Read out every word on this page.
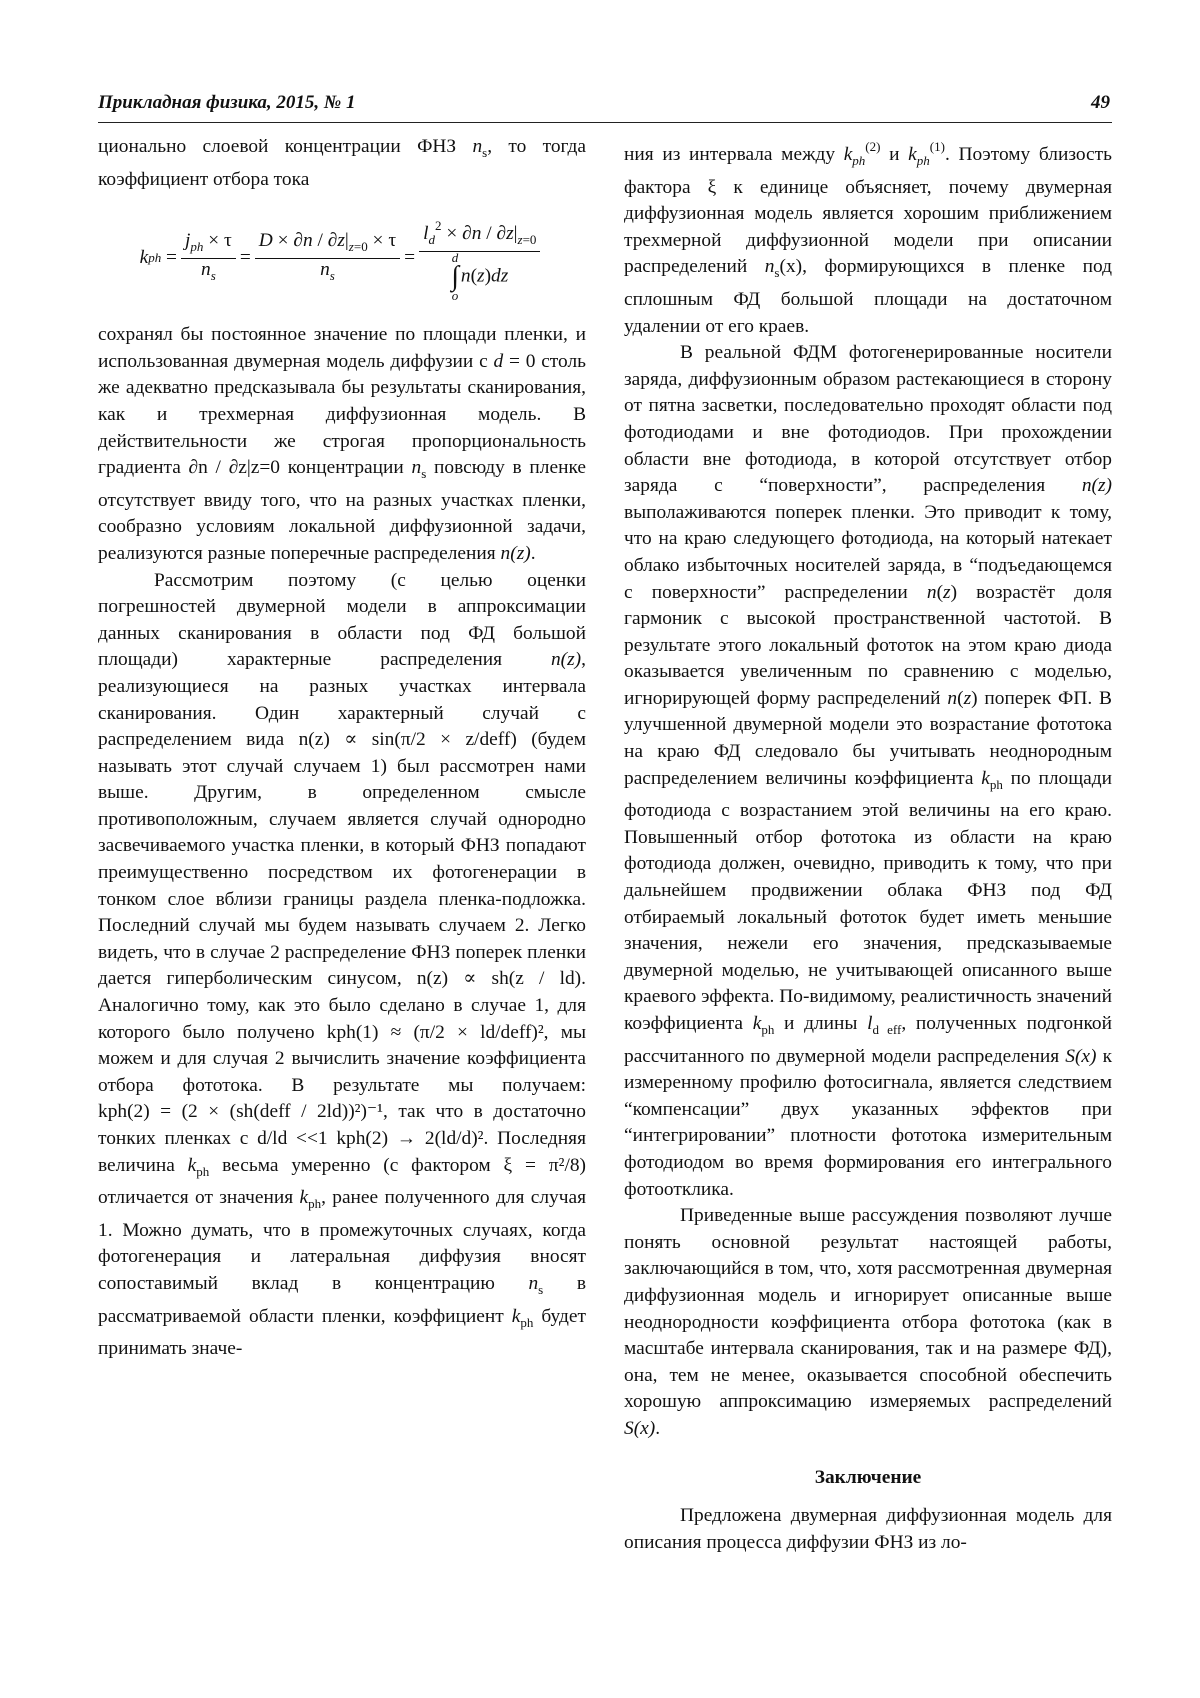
Прикладная физика, 2015, № 1	49

ционально слоевой концентрации ФНЗ $n_s$, то тогда коэффициент отбора тока

k ph = $\frac{j_{ph} \times \tau}{n_s} = \frac{D \times \partial n / \partial z|_{z=0} \times \tau}{n_s} = l_d^2 \times \partial n / \partial z|_{z=0}$
d
∫
o
n(z)dz

сохранял бы постоянное значение по площади пленки, и использованная двумерная модель диффузии с d = 0 столь же адекватно предсказывала бы результаты сканирования, как и трехмерная диффузионная модель. В действительности же строгая пропорциональность градиента ∂n / ∂z|z=0 концентрации $n_s$ повсюду в пленке отсутствует ввиду того, что на разных участках пленки, сообразно условиям локальной диффузионной задачи, реализуются разные поперечные распределения n(z).

Рассмотрим поэтому (с целью оценки погрешностей двумерной модели в аппроксимации данных сканирования в области под ФД большой площади) характерные распределения n(z), реализующиеся на разных участках интервала сканирования. Один характерный случай с распределением вида n(z) ∝ sin(π/2 × z/deff) (будем называть этот случай случаем 1) был рассмотрен нами выше. Другим, в определенном смысле противоположным, случаем является случай однородно засвечиваемого участка пленки, в который ФНЗ попадают преимущественно посредством их фотогенерации в тонком слое вблизи границы раздела пленка-подложка. Последний случай мы будем называть случаем 2. Легко видеть, что в случае 2 распределение ФНЗ поперек пленки дается гиперболическим синусом, n(z) ∝ sh(z / ld). Аналогично тому, как это было сделано в случае 1, для которого было получено kph(1) ≈ (π/2 × ld/deff)², мы можем и для случая 2 вычислить значение коэффициента отбора фототока. В результате мы получаем: kph(2) = (2 × (sh(deff / 2ld))²)⁻¹, так что в достаточно тонких пленках с d/ld <<1 kph(2) → 2(ld/d)². Последняя величина $k_{ph}$ весьма умеренно (с фактором ξ = π²/8) отличается от значения $k_{ph}$, ранее полученного для случая 1. Можно думать, что в промежуточных случаях, когда фотогенерация и латеральная диффузия вносят сопоставимый вклад в концентрацию $n_s$ в рассматриваемой области пленки, коэффициент $k_{ph}$ будет принимать значе-

ния из интервала между $k_{ph}^{(2)}$ и $k_{ph}^{(1)}$. Поэтому близость фактора ξ к единице объясняет, почему двумерная диффузионная модель является хорошим приближением трехмерной диффузионной модели при описании распределений $n_s(x)$, формирующихся в пленке под сплошным ФД большой площади на достаточном удалении от его краев.

В реальной ФДМ фотогенерированные носители заряда, диффузионным образом растекающиеся в сторону от пятна засветки, последовательно проходят области под фотодиодами и вне фотодиодов. При прохождении области вне фотодиода, в которой отсутствует отбор заряда с “поверхности”, распределения n(z) выполаживаются поперек пленки. Это приводит к тому, что на краю следующего фотодиода, на который натекает облако избыточных носителей заряда, в “подъедающемся с поверхности” распределении n(z) возрастёт доля гармоник с высокой пространственной частотой. В результате этого локальный фототок на этом краю диода оказывается увеличенным по сравнению с моделью, игнорирующей форму распределений n(z) поперек ФП. В улучшенной двумерной модели это возрастание фототока на краю ФД следовало бы учитывать неоднородным распределением величины коэффициента $k_{ph}$ по площади фотодиода с возрастанием этой величины на его краю. Повышенный отбор фототока из области на краю фотодиода должен, очевидно, приводить к тому, что при дальнейшем продвижении облака ФНЗ под ФД отбираемый локальный фототок будет иметь меньшие значения, нежели его значения, предсказываемые двумерной моделью, не учитывающей описанного выше краевого эффекта. По-видимому, реалистичность значений коэффициента $k_{ph}$ и длины $l_{d eff}$, полученных подгонкой рассчитанного по двумерной модели распределения S(x) к измеренному профилю фотосигнала, является следствием “компенсации” двух указанных эффектов при “интегрировании” плотности фототока измерительным фотодиодом во время формирования его интегрального фотоотклика.

Приведенные выше рассуждения позволяют лучше понять основной результат настоящей работы, заключающийся в том, что, хотя рассмотренная двумерная диффузионная модель и игнорирует описанные выше неоднородности коэффициента отбора фототока (как в масштабе интервала сканирования, так и на размере ФД), она, тем не менее, оказывается способной обеспечить хорошую аппроксимацию измеряемых распределений S(x).

Заключение

Предложена двумерная диффузионная модель для описания процесса диффузии ФНЗ из ло-
